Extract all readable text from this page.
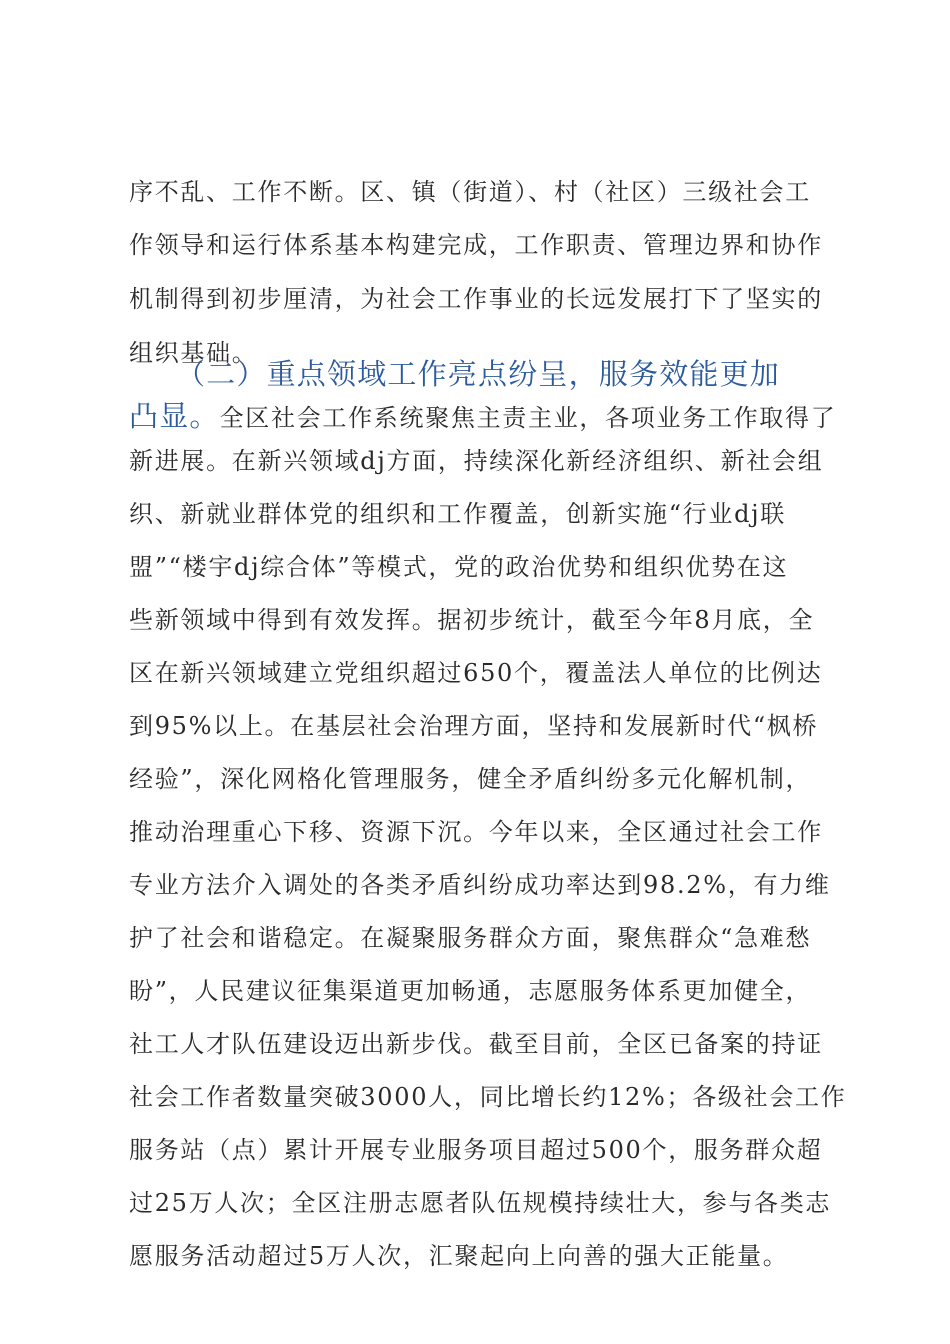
序不乱、工作不断。区、镇（街道）、村（社区）三级社会工
作领导和运行体系基本构建完成，工作职责、管理边界和协作
机制得到初步厘清，为社会工作事业的长远发展打下了坚实的
组织基础。
（二）重点领域工作亮点纷呈，服务效能更加
凸显。全区社会工作系统聚焦主责主业，各项业务工作取得了
新进展。在新兴领域dj方面，持续深化新经济组织、新社会组
织、新就业群体党的组织和工作覆盖，创新实施“行业dj联
盟”“楼宇dj综合体”等模式，党的政治优势和组织优势在这
些新领域中得到有效发挥。据初步统计，截至今年8月底，全
区在新兴领域建立党组织超过650个，覆盖法人单位的比例达
到95%以上。在基层社会治理方面，坚持和发展新时代“枫桥
经验”，深化网格化管理服务，健全矛盾纠纷多元化解机制，
推动治理重心下移、资源下沉。今年以来，全区通过社会工作
专业方法介入调处的各类矛盾纠纷成功率达到98.2%，有力维
护了社会和谐稳定。在凝聚服务群众方面，聚焦群众“急难愁
盼”，人民建议征集渠道更加畅通，志愿服务体系更加健全，
社工人才队伍建设迈出新步伐。截至目前，全区已备案的持证
社会工作者数量突破3000人，同比增长约12%；各级社会工作
服务站（点）累计开展专业服务项目超过500个，服务群众超
过25万人次；全区注册志愿者队伍规模持续壮大，参与各类志
愿服务活动超过5万人次，汇聚起向上向善的强大正能量。
